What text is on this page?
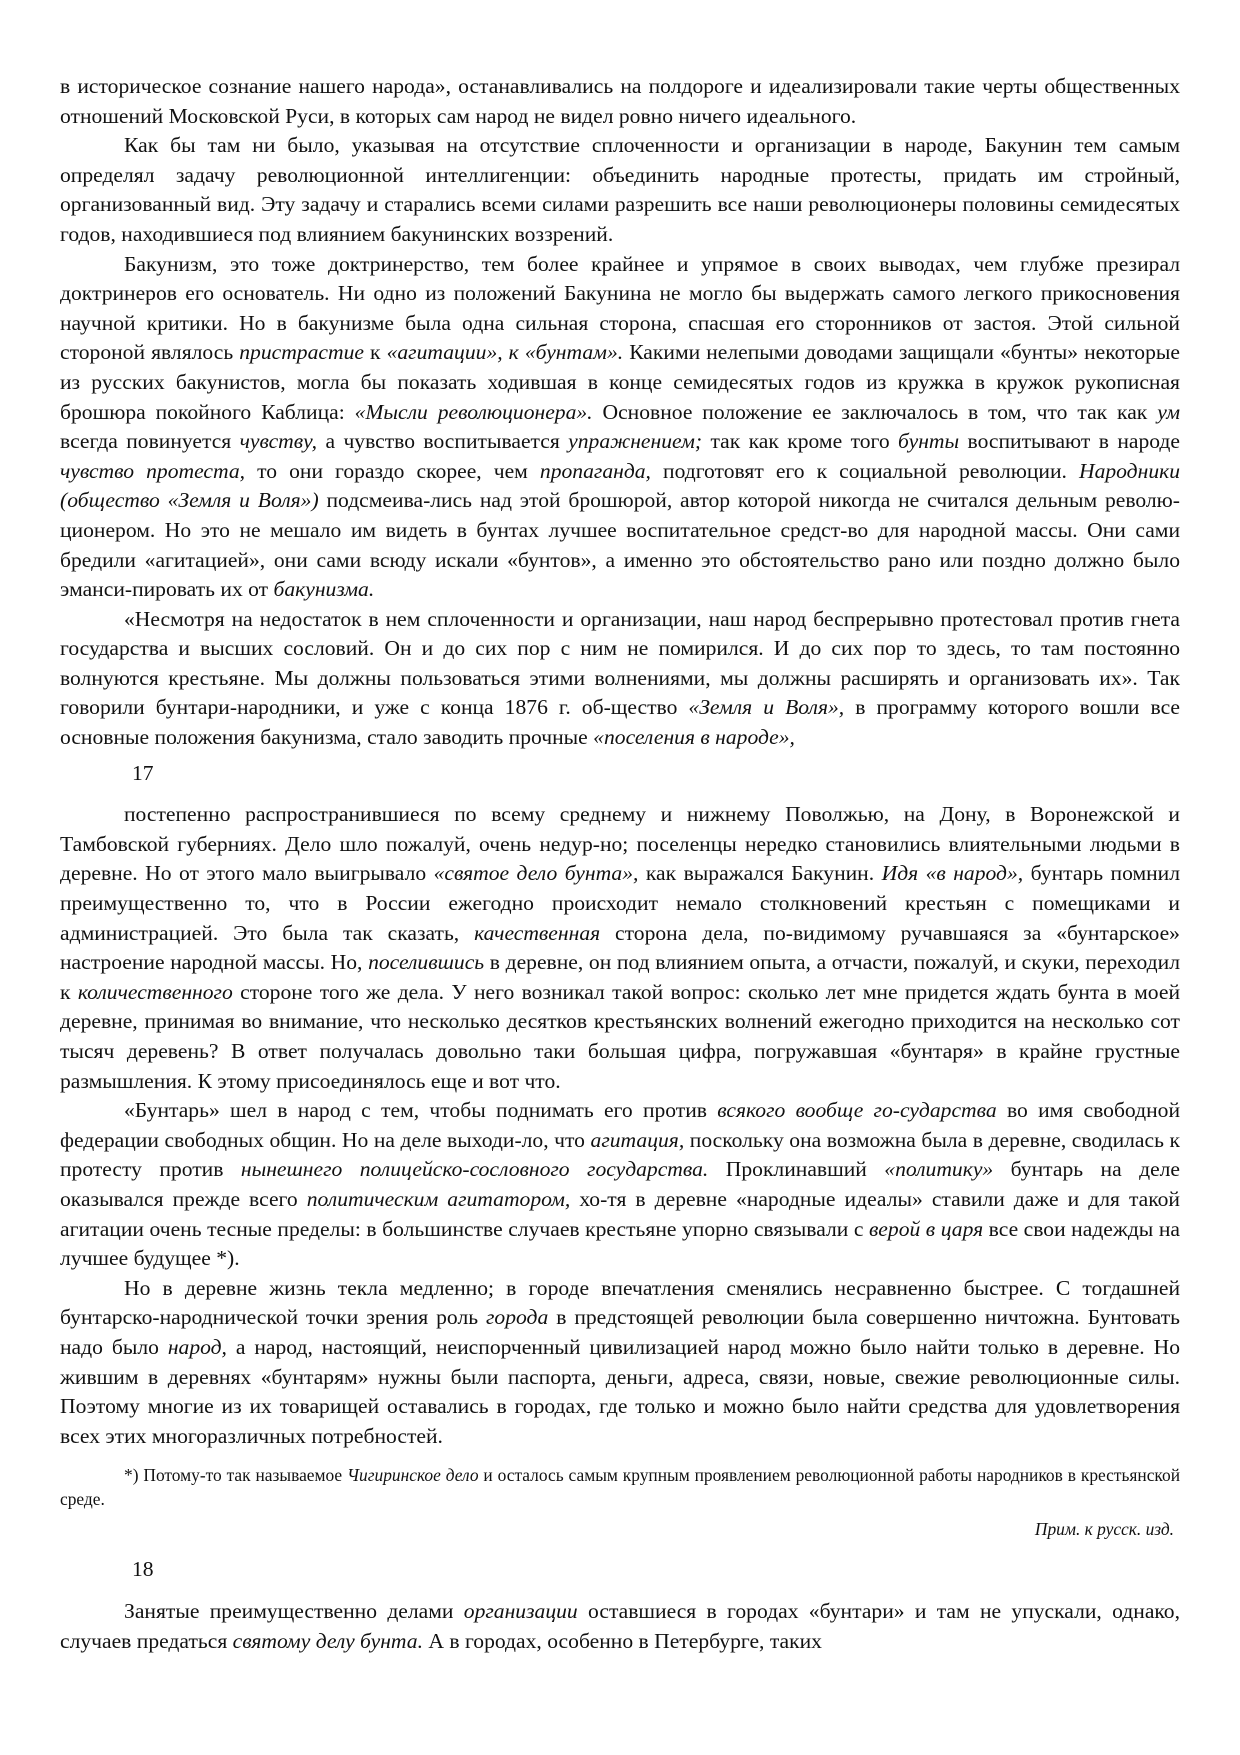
в историческое сознание нашего народа», останавливались на полдороге и идеализировали такие черты общественных отношений Московской Руси, в которых сам народ не видел ровно ничего идеального.

Как бы там ни было, указывая на отсутствие сплоченности и организации в народе, Бакунин тем самым определял задачу революционной интеллигенции: объединить народные протесты, придать им стройный, организованный вид. Эту задачу и старались всеми силами разрешить все наши революционеры половины семидесятых годов, находившиеся под влиянием бакунинских воззрений.

Бакунизм, это тоже доктринерство, тем более крайнее и упрямое в своих выводах, чем глубже презирал доктринеров его основатель. Ни одно из положений Бакунина не могло бы выдержать самого легкого прикосновения научной критики. Но в бакунизме была одна сильная сторона, спасшая его сторонников от застоя. Этой сильной стороной являлось пристрастие к «агитации», к «бунтам». Какими нелепыми доводами защищали «бунты» некоторые из русских бакунистов, могла бы показать ходившая в конце семидесятых годов из кружка в кружок рукописная брошюра покойного Каблица: «Мысли революционера». Основное положение ее заключалось в том, что так как ум всегда повинуется чувству, а чувство воспитывается упражнением; так как кроме того бунты воспитывают в народе чувство протеста, то они гораздо скорее, чем пропаганда, подготовят его к социальной революции. Народники (общество «Земля и Воля») подсмеива-лись над этой брошюрой, автор которой никогда не считался дельным револю-ционером. Но это не мешало им видеть в бунтах лучшее воспитательное средст-во для народной массы. Они сами бредили «агитацией», они сами всюду искали «бунтов», а именно это обстоятельство рано или поздно должно было эманси-пировать их от бакунизма.

«Несмотря на недостаток в нем сплоченности и организации, наш народ беспрерывно протестовал против гнета государства и высших сословий. Он и до сих пор с ним не помирился. И до сих пор то здесь, то там постоянно волнуются крестьяне. Мы должны пользоваться этими волнениями, мы должны расширять и организовать их». Так говорили бунтари-народники, и уже с конца 1876 г. об-щество «Земля и Воля», в программу которого вошли все основные положения бакунизма, стало заводить прочные «поселения в народе»,

17

постепенно распространившиеся по всему среднему и нижнему Поволжью, на Дону, в Воронежской и Тамбовской губерниях. Дело шло пожалуй, очень недур-но; поселенцы нередко становились влиятельными людьми в деревне. Но от этого мало выигрывало «святое дело бунта», как выражался Бакунин. Идя «в народ», бунтарь помнил преимущественно то, что в России ежегодно происходит немало столкновений крестьян с помещиками и администрацией. Это была так сказать, качественная сторона дела, по-видимому ручавшаяся за «бунтарское» настроение народной массы. Но, поселившись в деревне, он под влиянием опыта, а отчасти, пожалуй, и скуки, переходил к количественного стороне того же дела. У него возникал такой вопрос: сколько лет мне придется ждать бунта в моей деревне, принимая во внимание, что несколько десятков крестьянских волнений ежегодно приходится на несколько сот тысяч деревень? В ответ получалась довольно таки большая цифра, погружавшая «бунтаря» в крайне грустные размышления. К этому присоединялось еще и вот что.

«Бунтарь» шел в народ с тем, чтобы поднимать его против всякого вообще го-сударства во имя свободной федерации свободных общин. Но на деле выходи-ло, что агитация, поскольку она возможна была в деревне, сводилась к протесту против нынешнего полицейско-сословного государства. Проклинавший «политику» бунтарь на деле оказывался прежде всего политическим агитатором, хо-тя в деревне «народные идеалы» ставили даже и для такой агитации очень тесные пределы: в большинстве случаев крестьяне упорно связывали с верой в царя все свои надежды на лучшее будущее *).

Но в деревне жизнь текла медленно; в городе впечатления сменялись несравненно быстрее. С тогдашней бунтарско-народнической точки зрения роль города в предстоящей революции была совершенно ничтожна. Бунтовать надо было народ, а народ, настоящий, неиспорченный цивилизацией народ можно было найти только в деревне. Но жившим в деревнях «бунтарям» нужны были паспорта, деньги, адреса, связи, новые, свежие революционные силы. Поэтому многие из их товарищей оставались в городах, где только и можно было найти средства для удовлетворения всех этих многоразличных потребностей.

*) Потому-то так называемое Чигиринское дело и осталось самым крупным проявлением революционной работы народников в крестьянской среде.
Прим. к русск. изд.
18

Занятые преимущественно делами организации оставшиеся в городах «бунтари» и там не упускали, однако, случаев предаться святому делу бунта. А в городах, особенно в Петербурге, таких
